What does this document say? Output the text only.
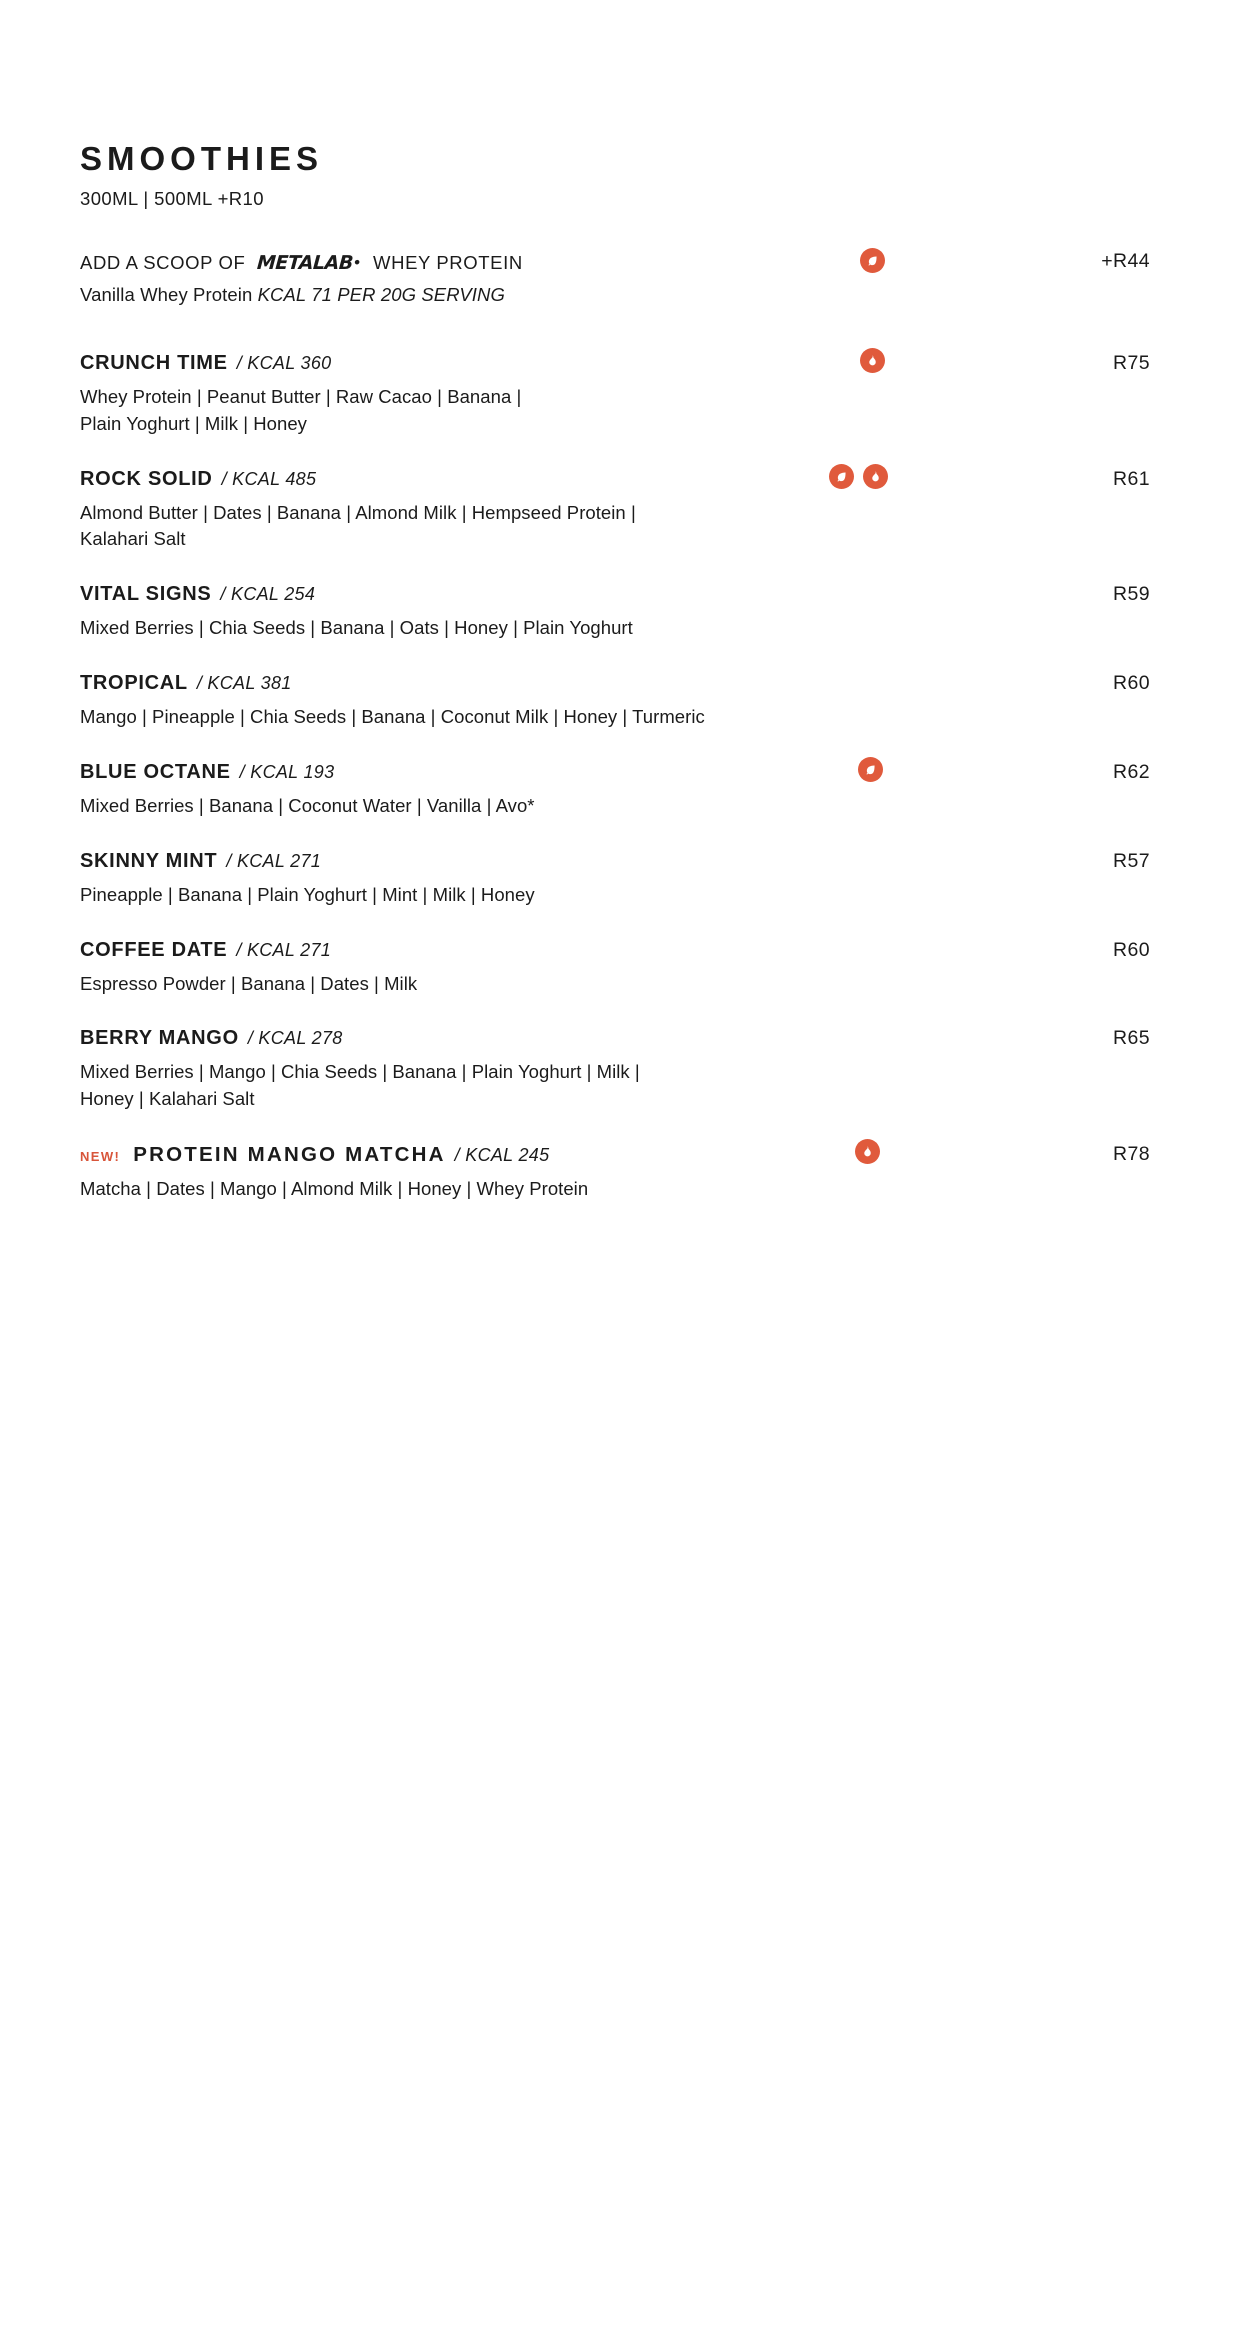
SMOOTHIES
300ML | 500ML +R10
ADD A SCOOP OF METALAB• WHEY PROTEIN
Vanilla Whey Protein KCAL 71 PER 20G SERVING
+R44
CRUNCH TIME / KCAL 360
Whey Protein | Peanut Butter | Raw Cacao | Banana |
Plain Yoghurt | Milk | Honey
R75
ROCK SOLID / KCAL 485
Almond Butter | Dates | Banana | Almond Milk | Hempseed Protein |
Kalahari Salt
R61
VITAL SIGNS / KCAL 254
Mixed Berries | Chia Seeds | Banana | Oats | Honey | Plain Yoghurt
R59
TROPICAL / KCAL 381
Mango | Pineapple | Chia Seeds | Banana | Coconut Milk | Honey | Turmeric
R60
BLUE OCTANE / KCAL 193
Mixed Berries | Banana | Coconut Water | Vanilla | Avo*
R62
SKINNY MINT / KCAL 271
Pineapple | Banana | Plain Yoghurt | Mint | Milk | Honey
R57
COFFEE DATE / KCAL 271
Espresso Powder | Banana | Dates | Milk
R60
BERRY MANGO / KCAL 278
Mixed Berries | Mango | Chia Seeds | Banana | Plain Yoghurt | Milk |
Honey | Kalahari Salt
R65
NEW! PROTEIN MANGO MATCHA / KCAL 245
Matcha | Dates | Mango | Almond Milk | Honey | Whey Protein
R78
